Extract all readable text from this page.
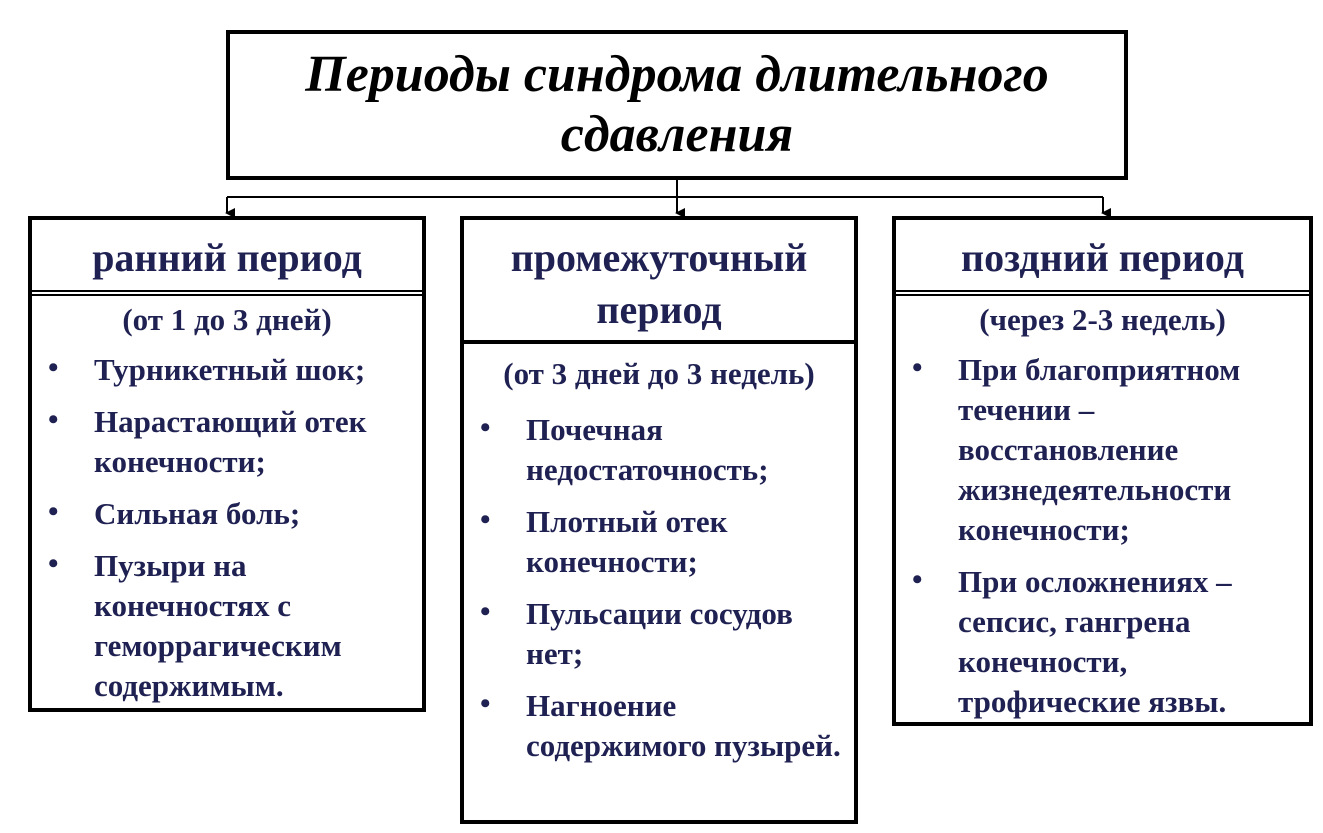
Периоды синдрома длительного сдавления
ранний период
(от 1 до 3 дней)
• Турникетный шок;
• Нарастающий отек конечности;
• Сильная боль;
• Пузыри на конечностях с геморрагическим содержимым.
промежуточный период
(от 3 дней до 3 недель)
• Почечная недостаточность;
• Плотный отек конечности;
• Пульсации сосудов нет;
• Нагноение содержимого пузырей.
поздний период
(через 2-3 недель)
• При благоприятном течении – восстановление жизнедеятельности конечности;
• При осложнениях – сепсис, гангрена конечности, трофические язвы.
